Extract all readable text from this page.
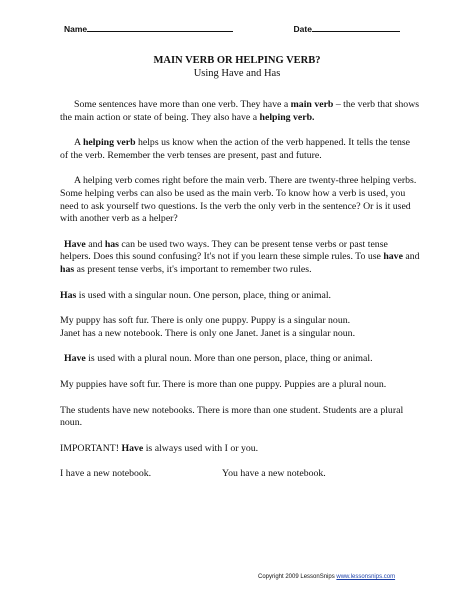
Name	Date
MAIN VERB OR HELPING VERB?
Using Have and Has

Some sentences have more than one verb. They have a main verb – the verb that shows the main action or state of being. They also have a helping verb.

A helping verb helps us know when the action of the verb happened. It tells the tense of the verb. Remember the verb tenses are present, past and future.

A helping verb comes right before the main verb. There are twenty-three helping verbs. Some helping verbs can also be used as the main verb. To know how a verb is used, you need to ask yourself two questions. Is the verb the only verb in the sentence? Or is it used with another verb as a helper?

Have and has can be used two ways. They can be present tense verbs or past tense helpers. Does this sound confusing? It's not if you learn these simple rules. To use have and has as present tense verbs, it's important to remember two rules.

Has is used with a singular noun. One person, place, thing or animal.

My puppy has soft fur. There is only one puppy. Puppy is a singular noun.
Janet has a new notebook. There is only one Janet. Janet is a singular noun.

Have is used with a plural noun. More than one person, place, thing or animal.

My puppies have soft fur. There is more than one puppy. Puppies are a plural noun.

The students have new notebooks. There is more than one student. Students are a plural noun.

IMPORTANT! Have is always used with I or you.

I have a new notebook.	You have a new notebook.
Copyright 2009 LessonSnips www.lessonsnips.com
